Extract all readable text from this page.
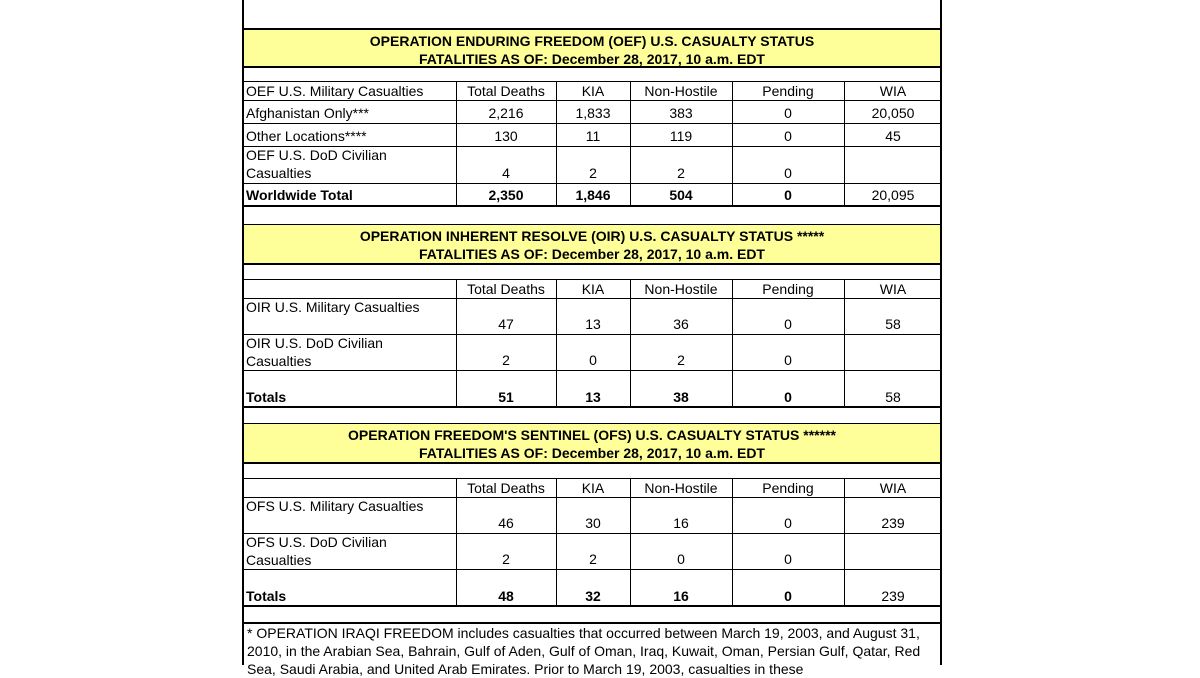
OPERATION ENDURING FREEDOM (OEF) U.S. CASUALTY STATUS
FATALITIES AS OF: December 28, 2017, 10 a.m. EDT
OEF U.S. Military Casualties	Total Deaths	KIA	Non-Hostile	Pending	WIA
Afghanistan Only***	2,216	1,833	383	0	20,050
Other Locations****	130	11	119	0	45
OEF U.S. DoD Civilian
Casualties	4	2	2	0
Worldwide Total	2,350	1,846	504	0	20,095
OPERATION INHERENT RESOLVE (OIR) U.S. CASUALTY STATUS *****
FATALITIES AS OF: December 28, 2017, 10 a.m. EDT
Total Deaths	KIA	Non-Hostile	Pending	WIA
OIR U.S. Military Casualties
47	13	36	0	58
OIR U.S. DoD Civilian
Casualties	2	0	2	0
Totals	51	13	38	0	58
OPERATION FREEDOM'S SENTINEL (OFS) U.S. CASUALTY STATUS ******
FATALITIES AS OF: December 28, 2017, 10 a.m. EDT
Total Deaths	KIA	Non-Hostile	Pending	WIA
OFS U.S. Military Casualties
46	30	16	0	239
OFS U.S. DoD Civilian
Casualties	2	2	0	0
Totals	48	32	16	0	239
* OPERATION IRAQI FREEDOM includes casualties that occurred between March 19, 2003, and August 31, 2010, in the Arabian Sea, Bahrain, Gulf of Aden, Gulf of Oman, Iraq, Kuwait, Oman, Persian Gulf, Qatar, Red Sea, Saudi Arabia, and United Arab Emirates. Prior to March 19, 2003, casualties in these
